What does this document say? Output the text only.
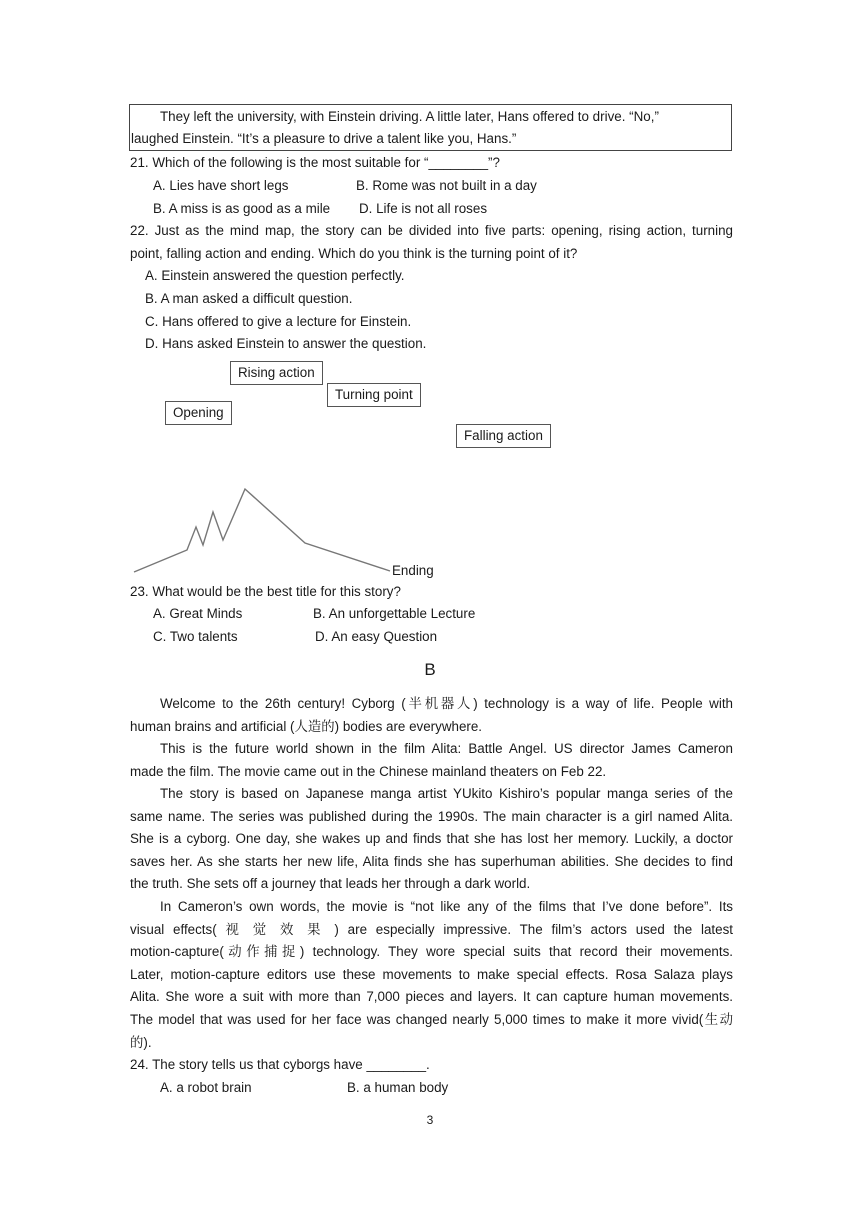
They left the university, with Einstein driving. A little later, Hans offered to drive. “No,”
laughed Einstein. “It’s a pleasure to drive a talent like you, Hans.”
21. Which of the following is the most suitable for “________”?
A. Lies have short legs	B. Rome was not built in a day
B. A miss is as good as a mile D. Life is not all roses
22. Just as the mind map, the story can be divided into five parts: opening, rising action, turning
point, falling action and ending. Which do you think is the turning point of it?
A. Einstein answered the question perfectly.
B. A man asked a difficult question.
C. Hans offered to give a lecture for Einstein.
D. Hans asked Einstein to answer the question.
Rising action
Turning point
Opening
Falling action
Ending
23. What would be the best title for this story?
A. Great Minds	B. An unforgettable Lecture
C. Two talents	D. An easy Question
B
Welcome to the 26th century! Cyborg (半机器人) technology is a way of life. People with
human brains and artificial (人造的) bodies are everywhere.
This is the future world shown in the film Alita: Battle Angel. US director James Cameron
made the film. The movie came out in the Chinese mainland theaters on Feb 22.
The story is based on Japanese manga artist YUkito Kishiro’s popular manga series of the
same name. The series was published during the 1990s. The main character is a girl named Alita.
She is a cyborg. One day, she wakes up and finds that she has lost her memory. Luckily, a doctor
saves her. As she starts her new life, Alita finds she has superhuman abilities. She decides to find
the truth. She sets off a journey that leads her through a dark world.
In Cameron’s own words, the movie is “not like any of the films that I’ve done before”. Its
visual effects( 视 觉 效 果 ) are especially impressive. The film’s actors used the latest
motion-capture(动作捕捉) technology. They wore special suits that record their movements.
Later, motion-capture editors use these movements to make special effects. Rosa Salaza plays
Alita. She wore a suit with more than 7,000 pieces and layers. It can capture human movements.
The model that was used for her face was changed nearly 5,000 times to make it more vivid(生动
的).
24. The story tells us that cyborgs have ________.
A. a robot brain	B. a human body
3
